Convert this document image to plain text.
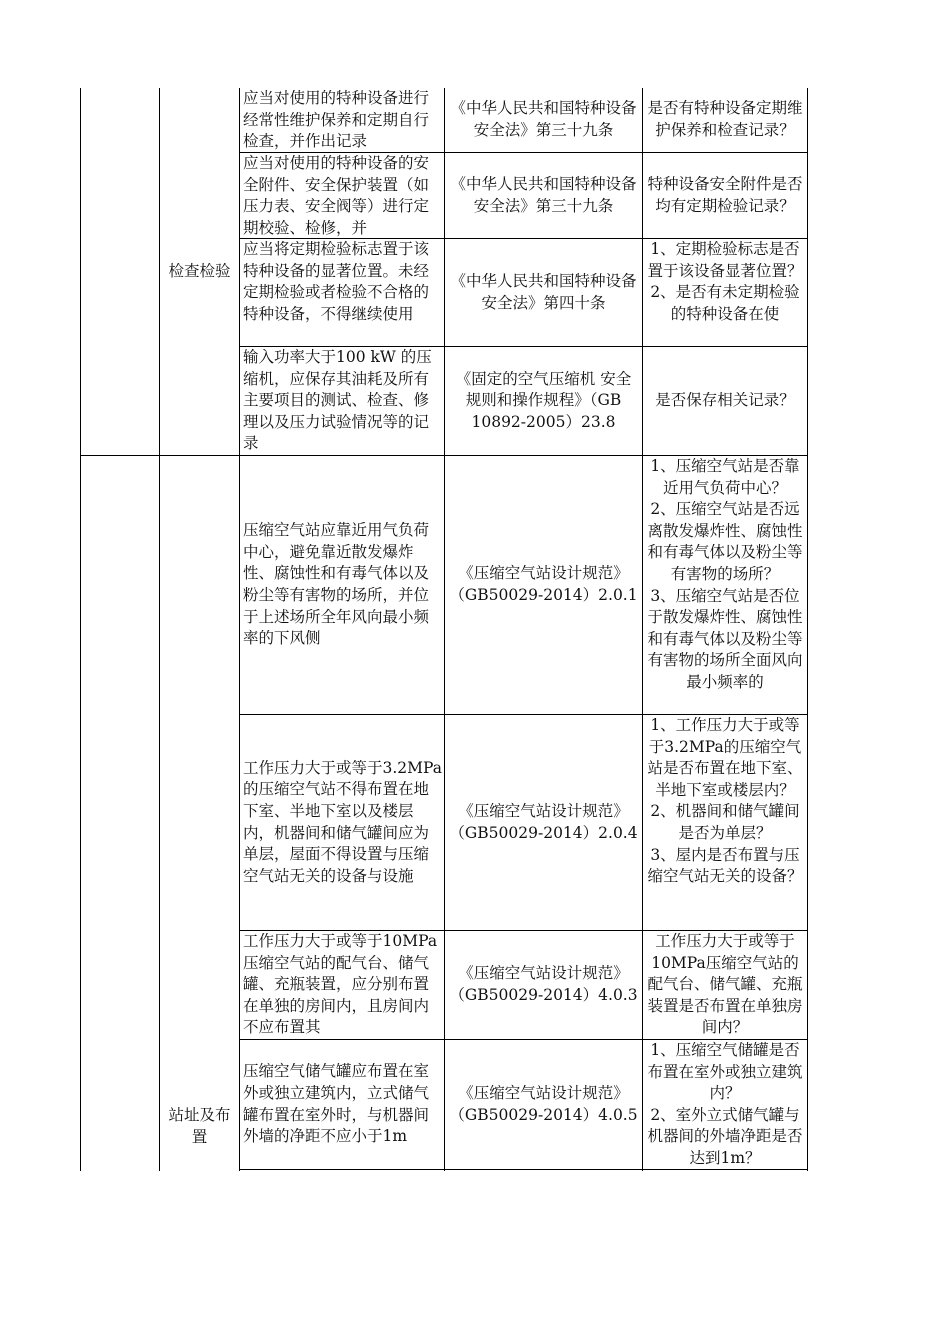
检查检验
应当对使用的特种设备进行经常性维护保养和定期自行检查，并作出记录
《中华人民共和国特种设备安全法》第三十九条
是否有特种设备定期维护保养和检查记录？
应当对使用的特种设备的安全附件、安全保护装置（如压力表、安全阀等）进行定期校验、检修，并
《中华人民共和国特种设备安全法》第三十九条
特种设备安全附件是否均有定期检验记录？
应当将定期检验标志置于该特种设备的显著位置。未经定期检验或者检验不合格的特种设备，不得继续使用
《中华人民共和国特种设备安全法》第四十条
1、定期检验标志是否置于该设备显著位置？
2、是否有未定期检验的特种设备在使
输入功率大于100 kW 的压缩机，应保存其油耗及所有主要项目的测试、检查、修理以及压力试验情况等的记录
《固定的空气压缩机 安全规则和操作规程》（GB 10892-2005）23.8
是否保存相关记录？
站址及布置
压缩空气站应靠近用气负荷中心，避免靠近散发爆炸性、腐蚀性和有毒气体以及粉尘等有害物的场所，并位于上述场所全年风向最小频率的下风侧
《压缩空气站设计规范》（GB50029-2014）2.0.1
1、压缩空气站是否靠近用气负荷中心？
2、压缩空气站是否远离散发爆炸性、腐蚀性和有毒气体以及粉尘等有害物的场所？
3、压缩空气站是否位于散发爆炸性、腐蚀性和有毒气体以及粉尘等有害物的场所全面风向最小频率的
工作压力大于或等于3.2MPa的压缩空气站不得布置在地下室、半地下室以及楼层内，机器间和储气罐间应为单层，屋面不得设置与压缩空气站无关的设备与设施
《压缩空气站设计规范》（GB50029-2014）2.0.4
1、工作压力大于或等于3.2MPa的压缩空气站是否布置在地下室、半地下室或楼层内？
2、机器间和储气罐间是否为单层？
3、屋内是否布置与压缩空气站无关的设备？
工作压力大于或等于10MPa压缩空气站的配气台、储气罐、充瓶装置，应分别布置在单独的房间内，且房间内不应布置其
《压缩空气站设计规范》（GB50029-2014）4.0.3
工作压力大于或等于10MPa压缩空气站的配气台、储气罐、充瓶装置是否布置在单独房间内？
压缩空气储气罐应布置在室外或独立建筑内，立式储气罐布置在室外时，与机器间外墙的净距不应小于1m
《压缩空气站设计规范》（GB50029-2014）4.0.5
1、压缩空气储罐是否布置在室外或独立建筑内？
2、室外立式储气罐与机器间的外墙净距是否达到1m？
